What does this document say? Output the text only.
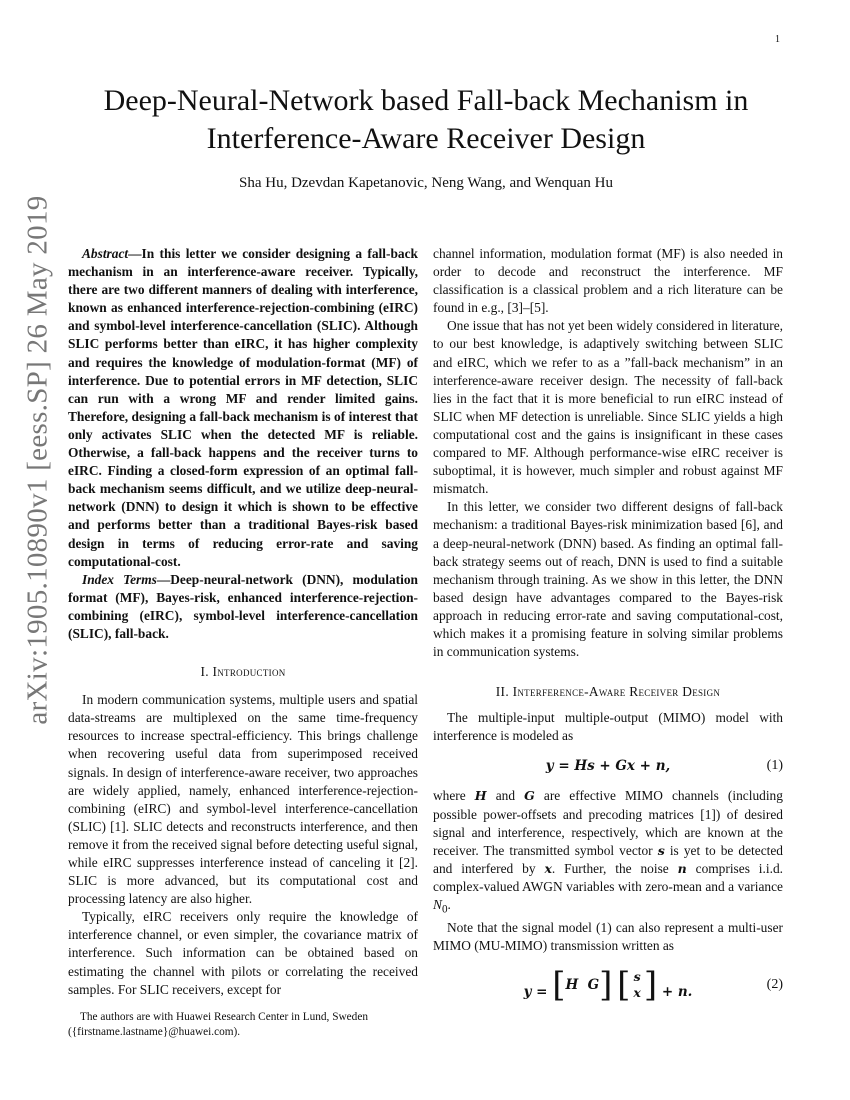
1
arXiv:1905.10890v1 [eess.SP] 26 May 2019
Deep-Neural-Network based Fall-back Mechanism in Interference-Aware Receiver Design
Sha Hu, Dzevdan Kapetanovic, Neng Wang, and Wenquan Hu

Abstract—In this letter we consider designing a fall-back mechanism in an interference-aware receiver. Typically, there are two different manners of dealing with interference, known as enhanced interference-rejection-combining (eIRC) and symbol-level interference-cancellation (SLIC). Although SLIC performs better than eIRC, it has higher complexity and requires the knowledge of modulation-format (MF) of interference. Due to potential errors in MF detection, SLIC can run with a wrong MF and render limited gains. Therefore, designing a fall-back mechanism is of interest that only activates SLIC when the detected MF is reliable. Otherwise, a fall-back happens and the receiver turns to eIRC. Finding a closed-form expression of an optimal fall-back mechanism seems difficult, and we utilize deep-neural-network (DNN) to design it which is shown to be effective and performs better than a traditional Bayes-risk based design in terms of reducing error-rate and saving computational-cost.

Index Terms—Deep-neural-network (DNN), modulation format (MF), Bayes-risk, enhanced interference-rejection-combining (eIRC), symbol-level interference-cancellation (SLIC), fall-back.

I. Introduction

In modern communication systems, multiple users and spatial data-streams are multiplexed on the same time-frequency resources to increase spectral-efficiency. This brings challenge when recovering useful data from superimposed received signals. In design of interference-aware receiver, two approaches are widely applied, namely, enhanced interference-rejection-combining (eIRC) and symbol-level interference-cancellation (SLIC) [1]. SLIC detects and reconstructs interference, and then remove it from the received signal before detecting useful signal, while eIRC suppresses interference instead of canceling it [2]. SLIC is more advanced, but its computational cost and processing latency are also higher.

Typically, eIRC receivers only require the knowledge of interference channel, or even simpler, the covariance matrix of interference. Such information can be obtained based on estimating the channel with pilots or correlating the received samples. For SLIC receivers, except for

channel information, modulation format (MF) is also needed in order to decode and reconstruct the interference. MF classification is a classical problem and a rich literature can be found in e.g., [3]–[5].

One issue that has not yet been widely considered in literature, to our best knowledge, is adaptively switching between SLIC and eIRC, which we refer to as a ”fall-back mechanism” in an interference-aware receiver design. The necessity of fall-back lies in the fact that it is more beneficial to run eIRC instead of SLIC when MF detection is unreliable. Since SLIC yields a high computational cost and the gains is insignificant in these cases compared to MF. Although performance-wise eIRC receiver is suboptimal, it is however, much simpler and robust against MF mismatch.

In this letter, we consider two different designs of fall-back mechanism: a traditional Bayes-risk minimization based [6], and a deep-neural-network (DNN) based. As finding an optimal fall-back strategy seems out of reach, DNN is used to find a suitable mechanism through training. As we show in this letter, the DNN based design have advantages compared to the Bayes-risk approach in reducing error-rate and saving computational-cost, which makes it a promising feature in solving similar problems in communication systems.

II. Interference-Aware Receiver Design

The multiple-input multiple-output (MIMO) model with interference is modeled as

y = Hs + Gx + n,	(1)

where H and G are effective MIMO channels (including possible power-offsets and precoding matrices [1]) of desired signal and interference, respectively, which are known at the receiver. The transmitted symbol vector s is yet to be detected and interfered by x. Further, the noise n comprises i.i.d. complex-valued AWGN variables with zero-mean and a variance $N_0$.

Note that the signal model (1) can also represent a multi-user MIMO (MU-MIMO) transmission written as

y = [ H
G ]
[ s
x ] + n.	(2)
The authors are with Huawei Research Center in Lund, Sweden ({firstname.lastname}@huawei.com).
